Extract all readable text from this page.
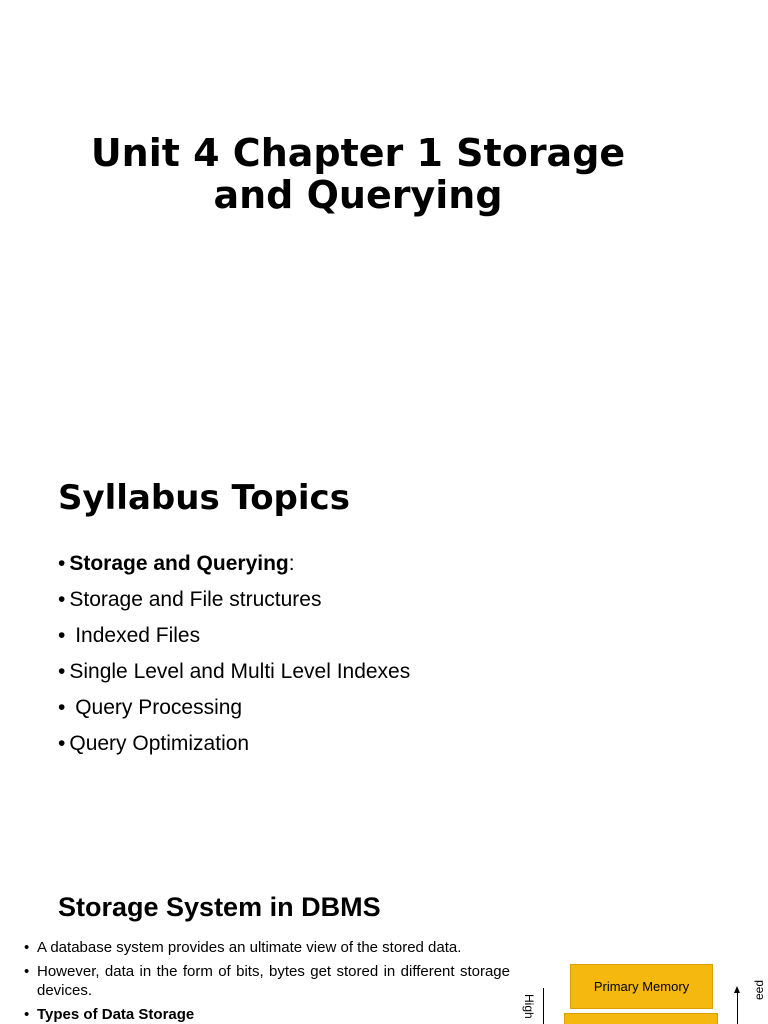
Unit 4 Chapter 1 Storage
and Querying
Syllabus Topics
• Storage and Querying:
• Storage and File structures
• Indexed Files
• Single Level and Multi Level Indexes
• Query Processing
• Query Optimization
Storage System in DBMS
• A database system provides an ultimate view of the stored data.
• However, data in the form of bits, bytes get stored in different storage devices.
• Types of Data Storage	High
Primary Memory	eed
